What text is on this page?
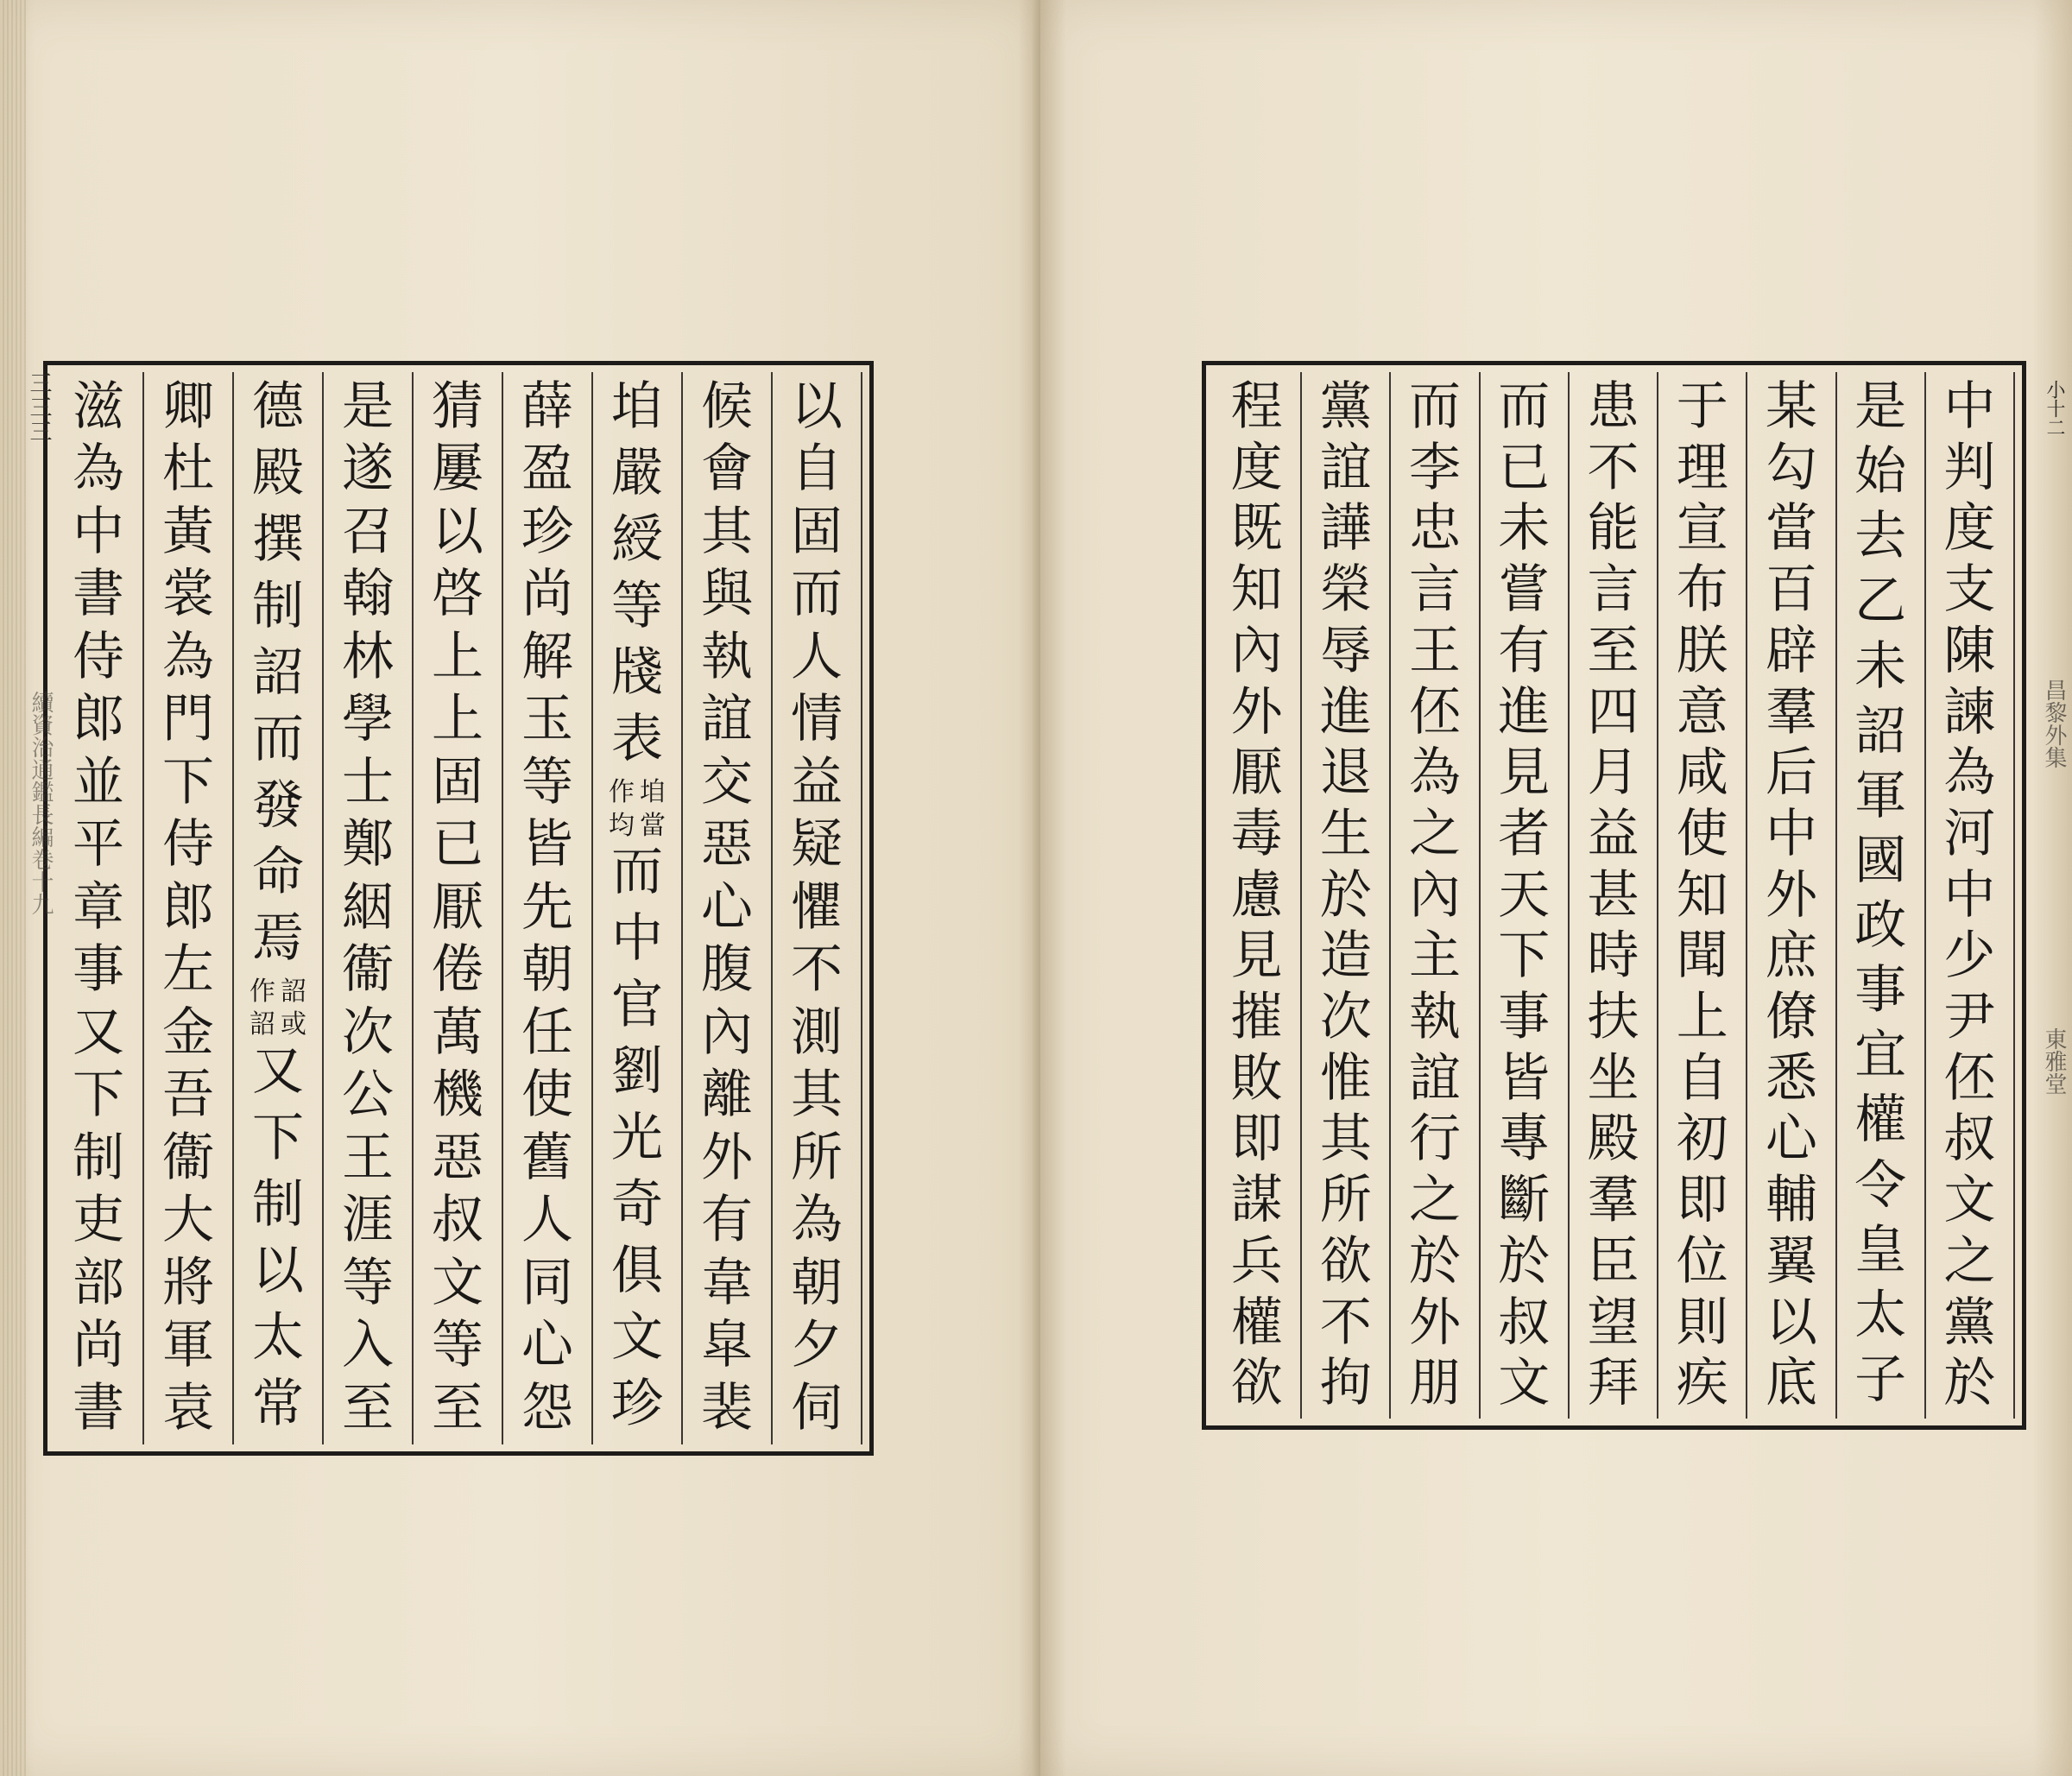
以
自
固
而
人
情
益
疑
懼
不
測
其
所
為
朝
夕
伺
候
會
其
與
執
誼
交
惡
心
腹
內
離
外
有
韋
皐
裴
垍
嚴
綬
等
牋
表
垍
當
作
均
而
中
官
劉
光
奇
俱
文
珍
薛
盈
珍
尚
解
玉
等
皆
先
朝
任
使
舊
人
同
心
怨
猜
屢
以
啓
上
上
固
已
厭
倦
萬
機
惡
叔
文
等
至
是
遂
召
翰
林
學
士
鄭
絪
衞
次
公
王
涯
等
入
至
德
殿
撰
制
詔
而
發
命
焉
詔
或
作
詔
又
下
制
以
太
常
卿
杜
黃
裳
為
門
下
侍
郎
左
金
吾
衞
大
將
軍
袁
滋
為
中
書
侍
郎
並
平
章
事
又
下
制
吏
部
尚
書
三三三
續資治通鑑長編卷十九
中
判
度
支
陳
諫
為
河
中
少
尹
伾
叔
文
之
黨
於
是
始
去
乙
未
詔
軍
國
政
事
宜
權
令
皇
太
子
某
勾
當
百
辟
羣
后
中
外
庶
僚
悉
心
輔
翼
以
底
于
理
宣
布
朕
意
咸
使
知
聞
上
自
初
即
位
則
疾
患
不
能
言
至
四
月
益
甚
時
扶
坐
殿
羣
臣
望
拜
而
已
未
嘗
有
進
見
者
天
下
事
皆
專
斷
於
叔
文
而
李
忠
言
王
伾
為
之
內
主
執
誼
行
之
於
外
朋
黨
誼
譁
榮
辱
進
退
生
於
造
次
惟
其
所
欲
不
拘
程
度
既
知
內
外
厭
毒
慮
見
摧
敗
即
謀
兵
權
欲
小十二
昌黎外集
東雅堂
